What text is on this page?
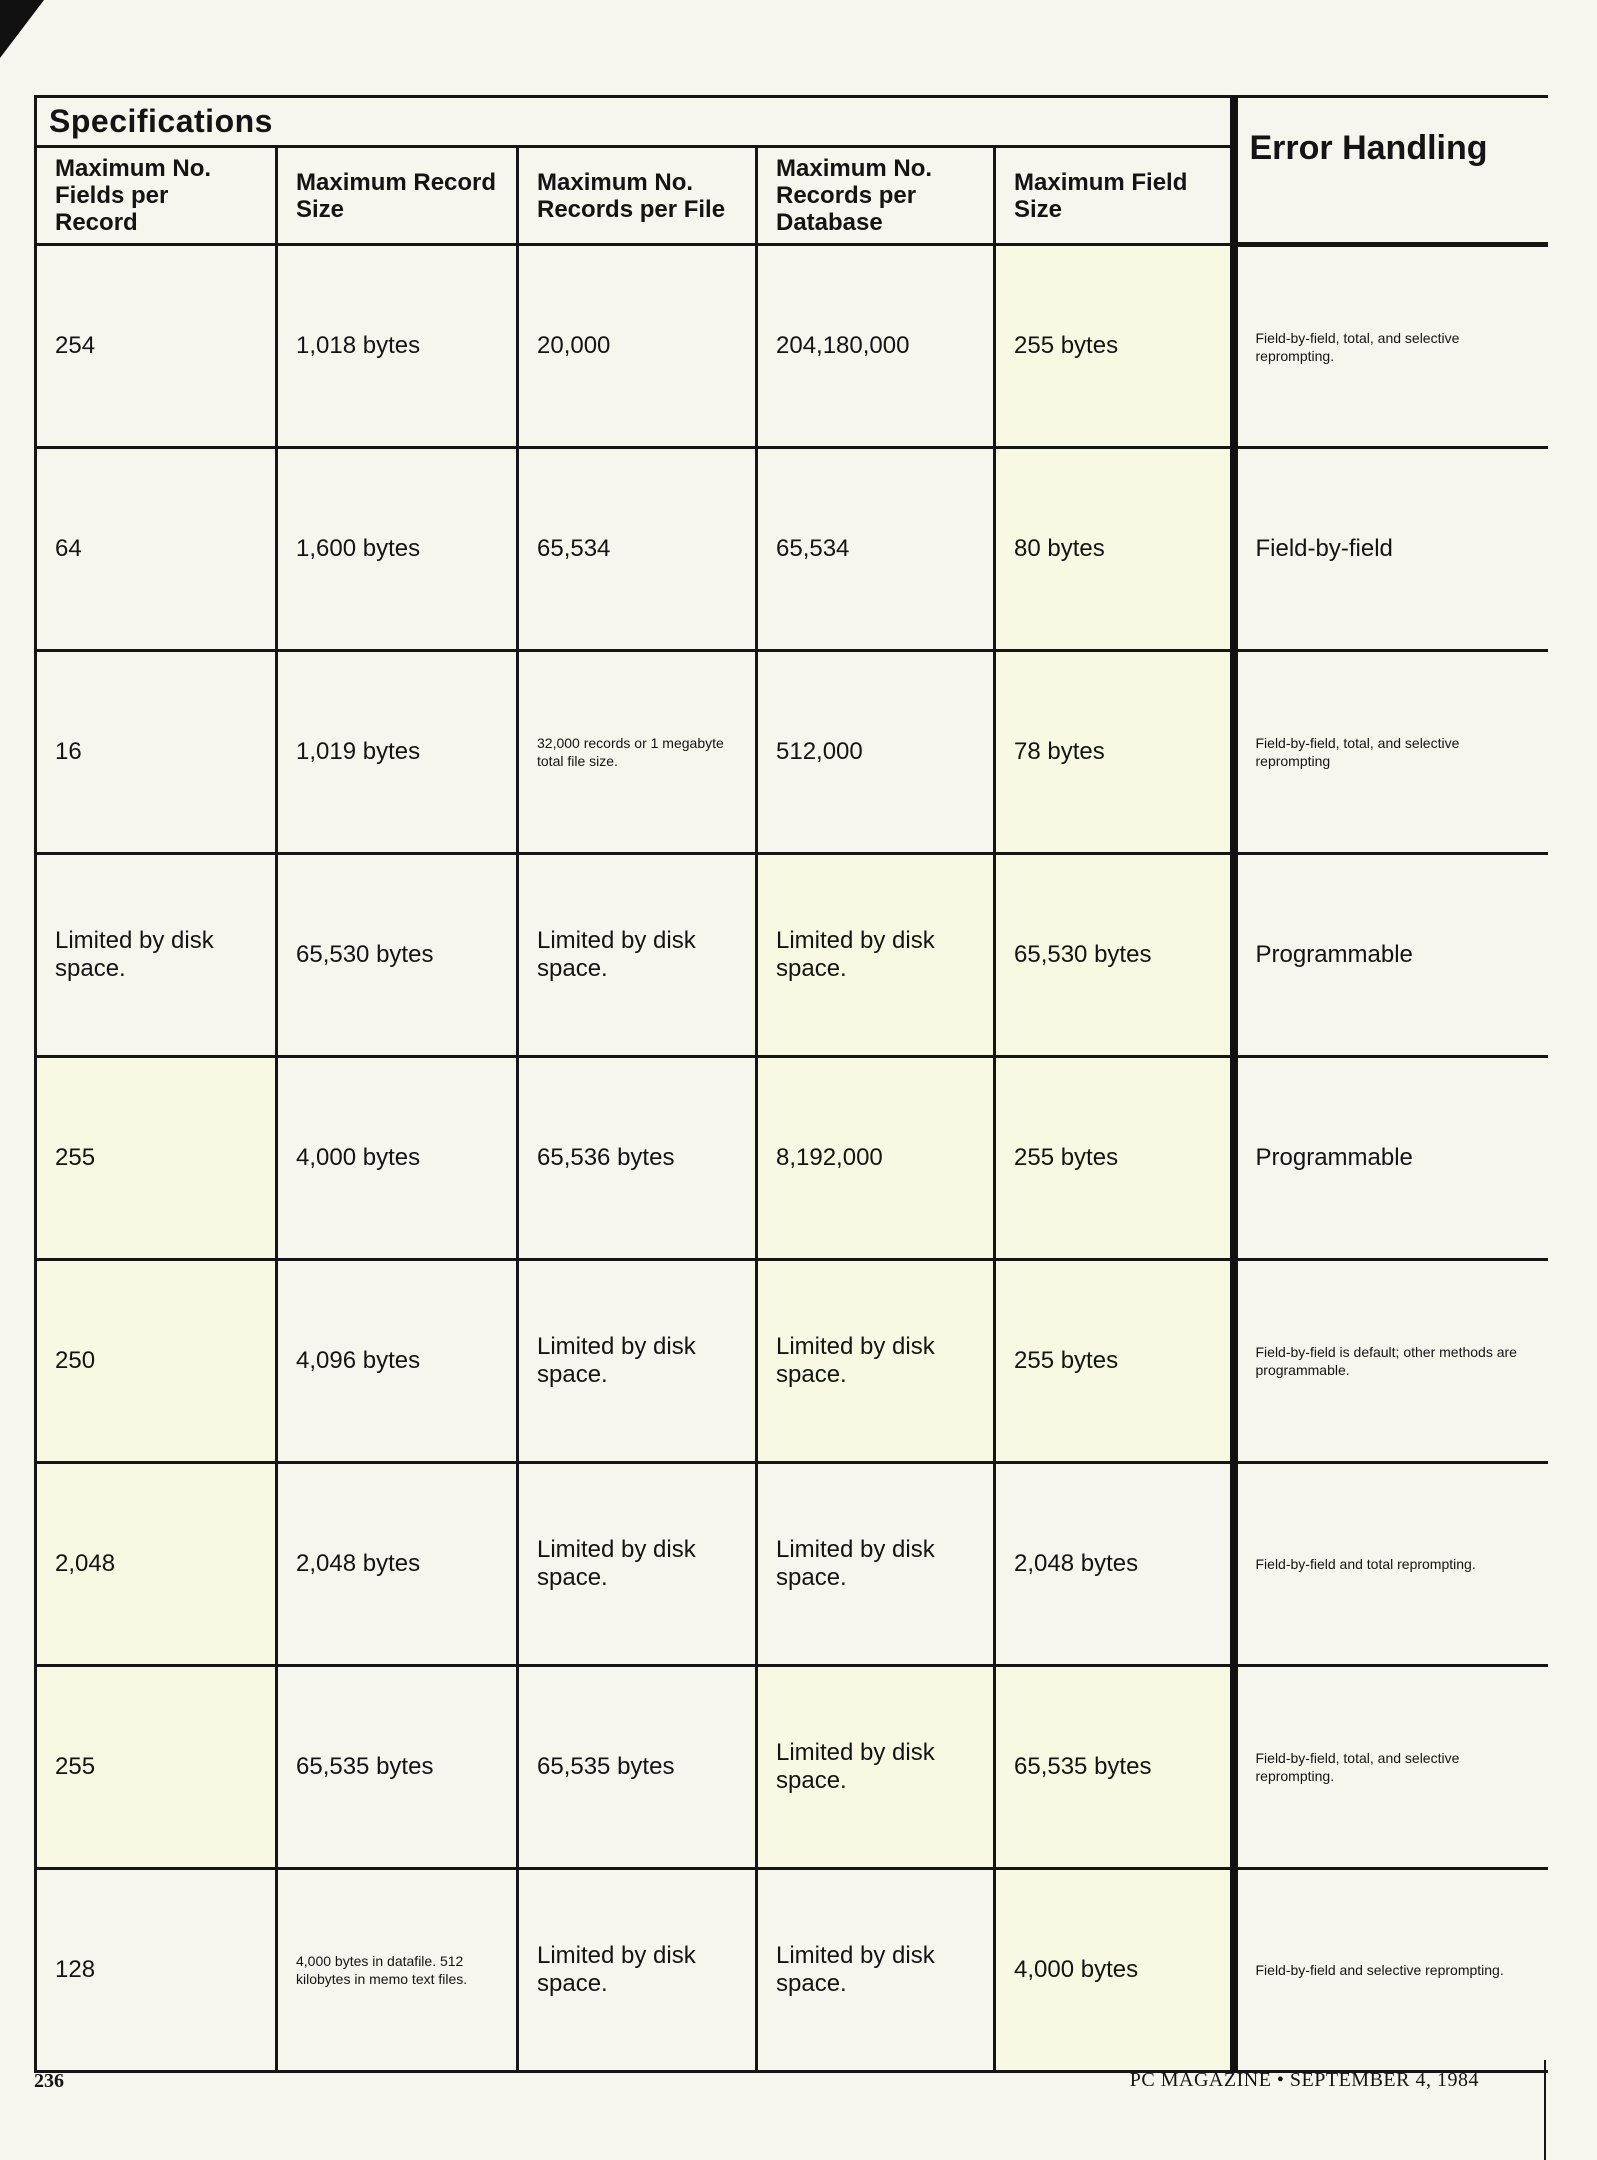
Specifications					Error Handling
Maximum No. Fields per Record	Maximum Record Size	Maximum No. Records per File	Maximum No. Records per Database	Maximum Field Size	
254	1,018 bytes	20,000	204,180,000	255 bytes	Field-by-field, total, and selective reprompting.
64	1,600 bytes	65,534	65,534	80 bytes	Field-by-field
16	1,019 bytes	32,000 records or 1 megabyte total file size.	512,000	78 bytes	Field-by-field, total, and selective reprompting
Limited by disk space.	65,530 bytes	Limited by disk space.	Limited by disk space.	65,530 bytes	Programmable
255	4,000 bytes	65,536 bytes	8,192,000	255 bytes	Programmable
250	4,096 bytes	Limited by disk space.	Limited by disk space.	255 bytes	Field-by-field is default; other methods are programmable.
2,048	2,048 bytes	Limited by disk space.	Limited by disk space.	2,048 bytes	Field-by-field and total reprompting.
255	65,535 bytes	65,535 bytes	Limited by disk space.	65,535 bytes	Field-by-field, total, and selective reprompting.
128	4,000 bytes in datafile. 512 kilobytes in memo text files.	Limited by disk space.	Limited by disk space.	4,000 bytes	Field-by-field and selective reprompting.
236	PC MAGAZINE • SEPTEMBER 4, 1984
